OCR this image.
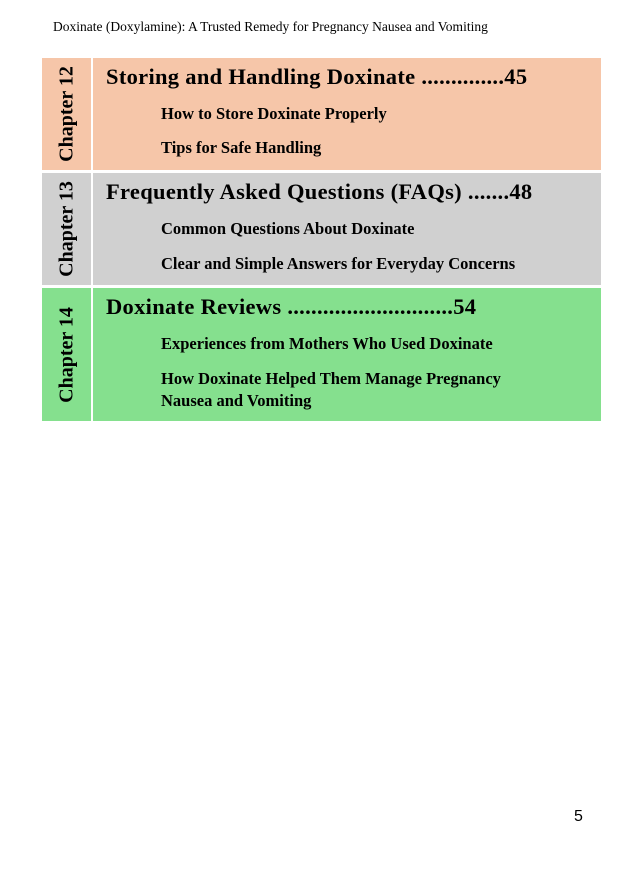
Doxinate (Doxylamine): A Trusted Remedy for Pregnancy Nausea and Vomiting
Chapter 12 Storing and Handling Doxinate ..............45
How to Store Doxinate Properly
Tips for Safe Handling
Chapter 13 Frequently Asked Questions (FAQs) .......48
Common Questions About Doxinate
Clear and Simple Answers for Everyday Concerns
Chapter 14
Doxinate Reviews ............................54
Experiences from Mothers Who Used Doxinate
How Doxinate Helped Them Manage Pregnancy
Nausea and Vomiting
5
